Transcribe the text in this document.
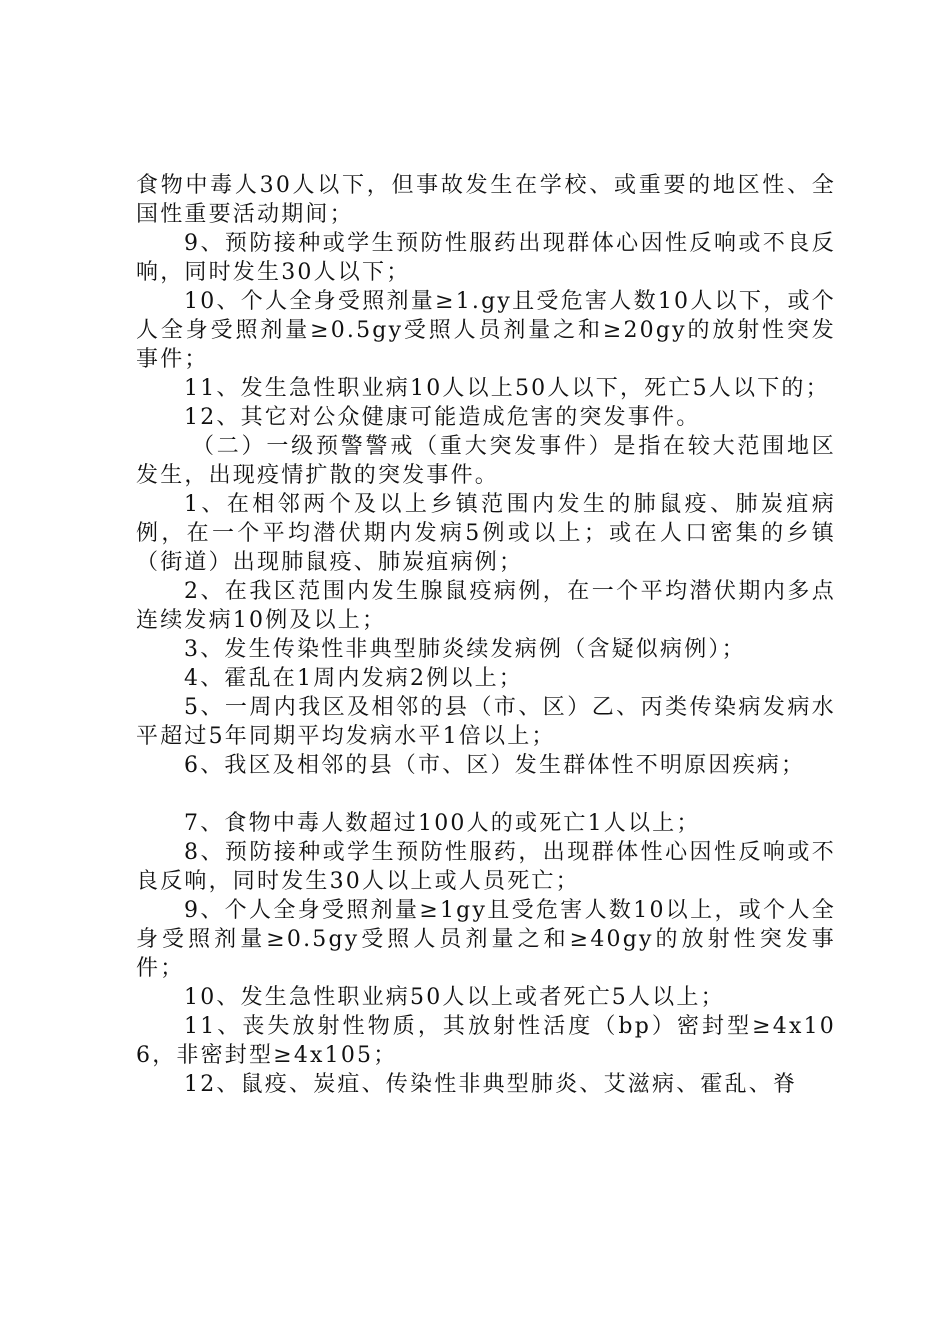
食物中毒人30人以下，但事故发生在学校、或重要的地区性、全国性重要活动期间；

9、预防接种或学生预防性服药出现群体心因性反响或不良反响，同时发生30人以下；

10、个人全身受照剂量≥1.gy且受危害人数10人以下，或个人全身受照剂量≥0.5gy受照人员剂量之和≥20gy的放射性突发事件；

11、发生急性职业病10人以上50人以下，死亡5人以下的；

12、其它对公众健康可能造成危害的突发事件。

（二）一级预警警戒（重大突发事件）是指在较大范围地区发生，出现疫情扩散的突发事件。

1、在相邻两个及以上乡镇范围内发生的肺鼠疫、肺炭疽病例，在一个平均潜伏期内发病5例或以上；或在人口密集的乡镇（街道）出现肺鼠疫、肺炭疽病例；

2、在我区范围内发生腺鼠疫病例，在一个平均潜伏期内多点连续发病10例及以上；

3、发生传染性非典型肺炎续发病例（含疑似病例）；

4、霍乱在1周内发病2例以上；

5、一周内我区及相邻的县（市、区）乙、丙类传染病发病水平超过5年同期平均发病水平1倍以上；

6、我区及相邻的县（市、区）发生群体性不明原因疾病；

7、食物中毒人数超过100人的或死亡1人以上；

8、预防接种或学生预防性服药，出现群体性心因性反响或不良反响，同时发生30人以上或人员死亡；

9、个人全身受照剂量≥1gy且受危害人数10以上，或个人全身受照剂量≥0.5gy受照人员剂量之和≥40gy的放射性突发事件；

10、发生急性职业病50人以上或者死亡5人以上；

11、丧失放射性物质，其放射性活度（bp）密封型≥4x106，非密封型≥4x105；

12、鼠疫、炭疽、传染性非典型肺炎、艾滋病、霍乱、脊
